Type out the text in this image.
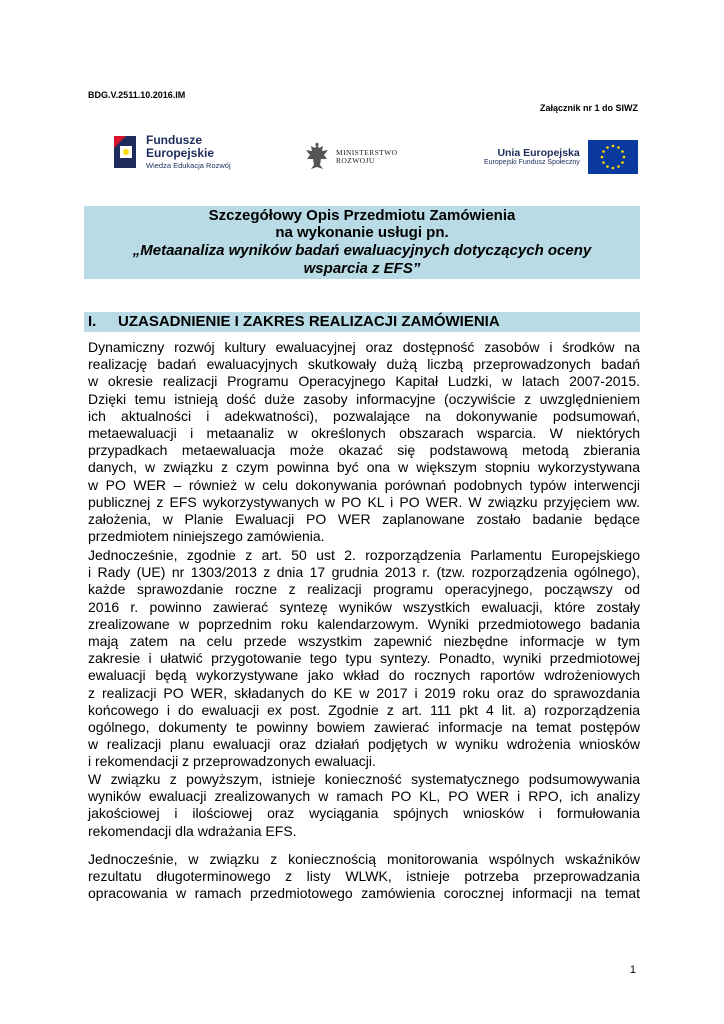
BDG.V.2511.10.2016.IM
Załącznik nr 1 do SIWZ
Fundusze
Europejskie
Wiedza Edukacja Rozwój
MINISTERSTWO
ROZWOJU
Unia Europejska
Europejski Fundusz Społeczny
Szczegółowy Opis Przedmiotu Zamówienia
na wykonanie usługi pn.
„Metaanaliza wyników badań ewaluacyjnych dotyczących oceny
wsparcia z EFS”
I. UZASADNIENIE I ZAKRES REALIZACJI ZAMÓWIENIA
Dynamiczny rozwój kultury ewaluacyjnej oraz dostępność zasobów i środków na
realizację badań ewaluacyjnych skutkowały dużą liczbą przeprowadzonych badań
w okresie realizacji Programu Operacyjnego Kapitał Ludzki, w latach 2007-2015.
Dzięki temu istnieją dość duże zasoby informacyjne (oczywiście z uwzględnieniem
ich aktualności i adekwatności), pozwalające na dokonywanie podsumowań,
metaewaluacji i metaanaliz w określonych obszarach wsparcia. W niektórych
przypadkach metaewaluacja może okazać się podstawową metodą zbierania
danych, w związku z czym powinna być ona w większym stopniu wykorzystywana
w PO WER – również w celu dokonywania porównań podobnych typów interwencji
publicznej z EFS wykorzystywanych w PO KL i PO WER. W związku przyjęciem ww.
założenia, w Planie Ewaluacji PO WER zaplanowane zostało badanie będące
przedmiotem niniejszego zamówienia.
Jednocześnie, zgodnie z art. 50 ust 2. rozporządzenia Parlamentu Europejskiego
i Rady (UE) nr 1303/2013 z dnia 17 grudnia 2013 r. (tzw. rozporządzenia ogólnego),
każde sprawozdanie roczne z realizacji programu operacyjnego, począwszy od
2016 r. powinno zawierać syntezę wyników wszystkich ewaluacji, które zostały
zrealizowane w poprzednim roku kalendarzowym. Wyniki przedmiotowego badania
mają zatem na celu przede wszystkim zapewnić niezbędne informacje w tym
zakresie i ułatwić przygotowanie tego typu syntezy. Ponadto, wyniki przedmiotowej
ewaluacji będą wykorzystywane jako wkład do rocznych raportów wdrożeniowych
z realizacji PO WER, składanych do KE w 2017 i 2019 roku oraz do sprawozdania
końcowego i do ewaluacji ex post. Zgodnie z art. 111 pkt 4 lit. a) rozporządzenia
ogólnego, dokumenty te powinny bowiem zawierać informacje na temat postępów
w realizacji planu ewaluacji oraz działań podjętych w wyniku wdrożenia wniosków
i rekomendacji z przeprowadzonych ewaluacji.
W związku z powyższym, istnieje konieczność systematycznego podsumowywania
wyników ewaluacji zrealizowanych w ramach PO KL, PO WER i RPO, ich analizy
jakościowej i ilościowej oraz wyciągania spójnych wniosków i formułowania
rekomendacji dla wdrażania EFS.
Jednocześnie, w związku z koniecznością monitorowania wspólnych wskaźników
rezultatu długoterminowego z listy WLWK, istnieje potrzeba przeprowadzania
opracowania w ramach przedmiotowego zamówienia corocznej informacji na temat
1
